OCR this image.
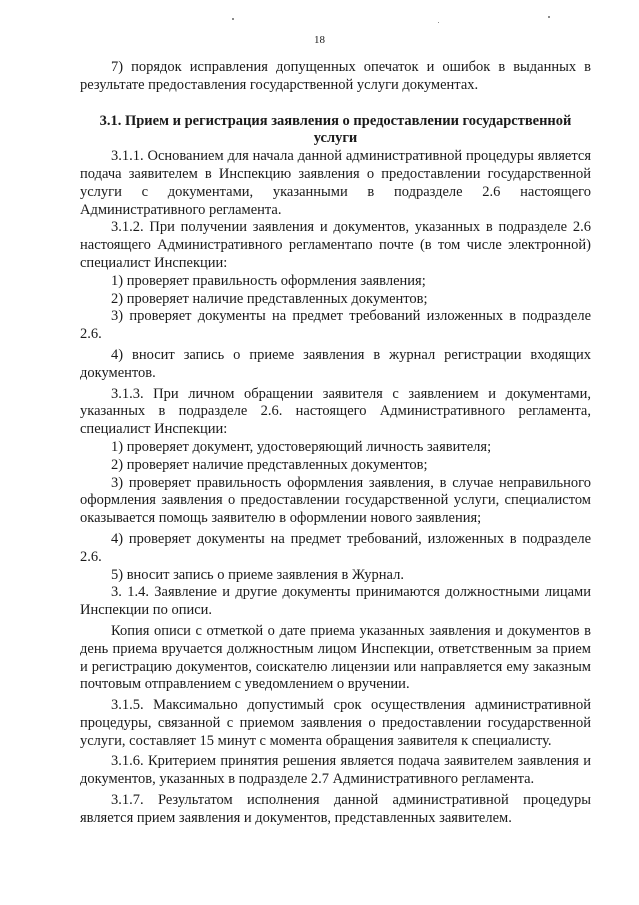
18

7) порядок исправления допущенных опечаток и ошибок в выданных в результате предоставления государственной услуги документах.

3.1. Прием и регистрация заявления о предоставлении государственной услуги

3.1.1. Основанием для начала данной административной процедуры является подача заявителем в Инспекцию заявления о предоставлении государственной услуги с документами, указанными в подразделе 2.6 настоящего Административного регламента.

3.1.2. При получении заявления и документов, указанных в подразделе 2.6 настоящего Административного регламентапо почте (в том числе электронной) специалист Инспекции:

1) проверяет правильность оформления заявления;

2) проверяет наличие представленных документов;

3) проверяет документы на предмет требований изложенных в подразделе 2.6.

4) вносит запись о приеме заявления в журнал регистрации входящих документов.

3.1.3. При личном обращении заявителя с заявлением и документами, указанных в подразделе 2.6. настоящего Административного регламента, специалист Инспекции:

1) проверяет документ, удостоверяющий личность заявителя;

2) проверяет наличие представленных документов;

3) проверяет правильность оформления заявления, в случае неправильного оформления заявления о предоставлении государственной услуги, специалистом оказывается помощь заявителю в оформлении нового заявления;

4) проверяет документы на предмет требований, изложенных в подразделе 2.6.

5) вносит запись о приеме заявления в Журнал.

3. 1.4. Заявление и другие документы принимаются должностными лицами Инспекции по описи.

Копия описи с отметкой о дате приема указанных заявления и документов в день приема вручается должностным лицом Инспекции, ответственным за прием и регистрацию документов, соискателю лицензии или направляется ему заказным почтовым отправлением с уведомлением о вручении.

3.1.5. Максимально допустимый срок осуществления административной процедуры, связанной с приемом заявления о предоставлении государственной услуги, составляет 15 минут с момента обращения заявителя к специалисту.

3.1.6. Критерием принятия решения является подача заявителем заявления и документов, указанных в подразделе 2.7 Административного регламента.

3.1.7. Результатом исполнения данной административной процедуры является прием заявления и документов, представленных заявителем.
